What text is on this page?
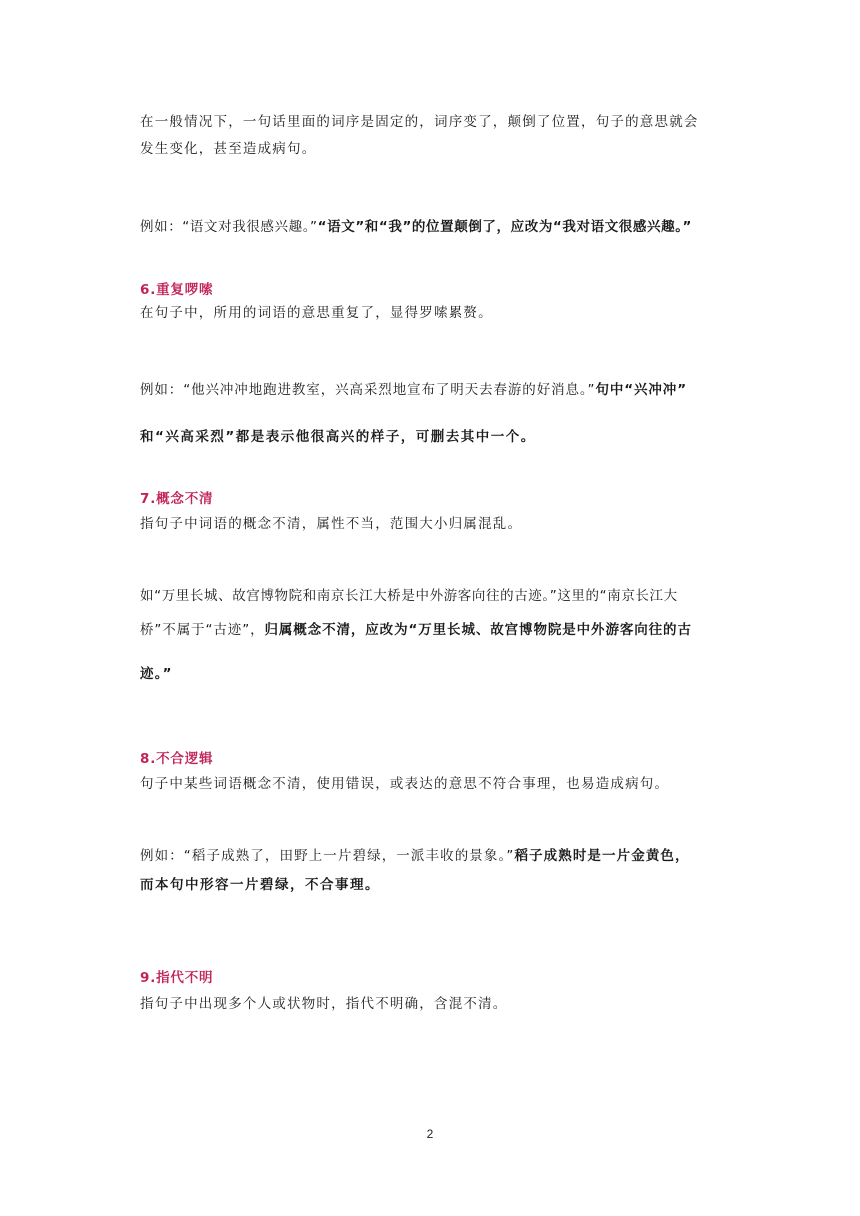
在一般情况下，一句话里面的词序是固定的，词序变了，颠倒了位置，句子的意思就会
发生变化，甚至造成病句。
例如：“语文对我很感兴趣。”“语文”和“我”的位置颠倒了，应改为“我对语文很感兴趣。”
6.重复啰嗦
在句子中，所用的词语的意思重复了，显得罗嗦累赘。
例如：“他兴冲冲地跑进教室，兴高采烈地宣布了明天去春游的好消息。”句中“兴冲冲”
和“兴高采烈”都是表示他很高兴的样子，可删去其中一个。
7.概念不清
指句子中词语的概念不清，属性不当，范围大小归属混乱。
如“万里长城、故宫博物院和南京长江大桥是中外游客向往的古迹。”这里的“南京长江大
桥”不属于“古迹”，归属概念不清，应改为“万里长城、故宫博物院是中外游客向往的古
迹。”
8.不合逻辑
句子中某些词语概念不清，使用错误，或表达的意思不符合事理，也易造成病句。
例如：“稻子成熟了，田野上一片碧绿，一派丰收的景象。”稻子成熟时是一片金黄色，
而本句中形容一片碧绿，不合事理。
9.指代不明
指句子中出现多个人或状物时，指代不明确，含混不清。
2
